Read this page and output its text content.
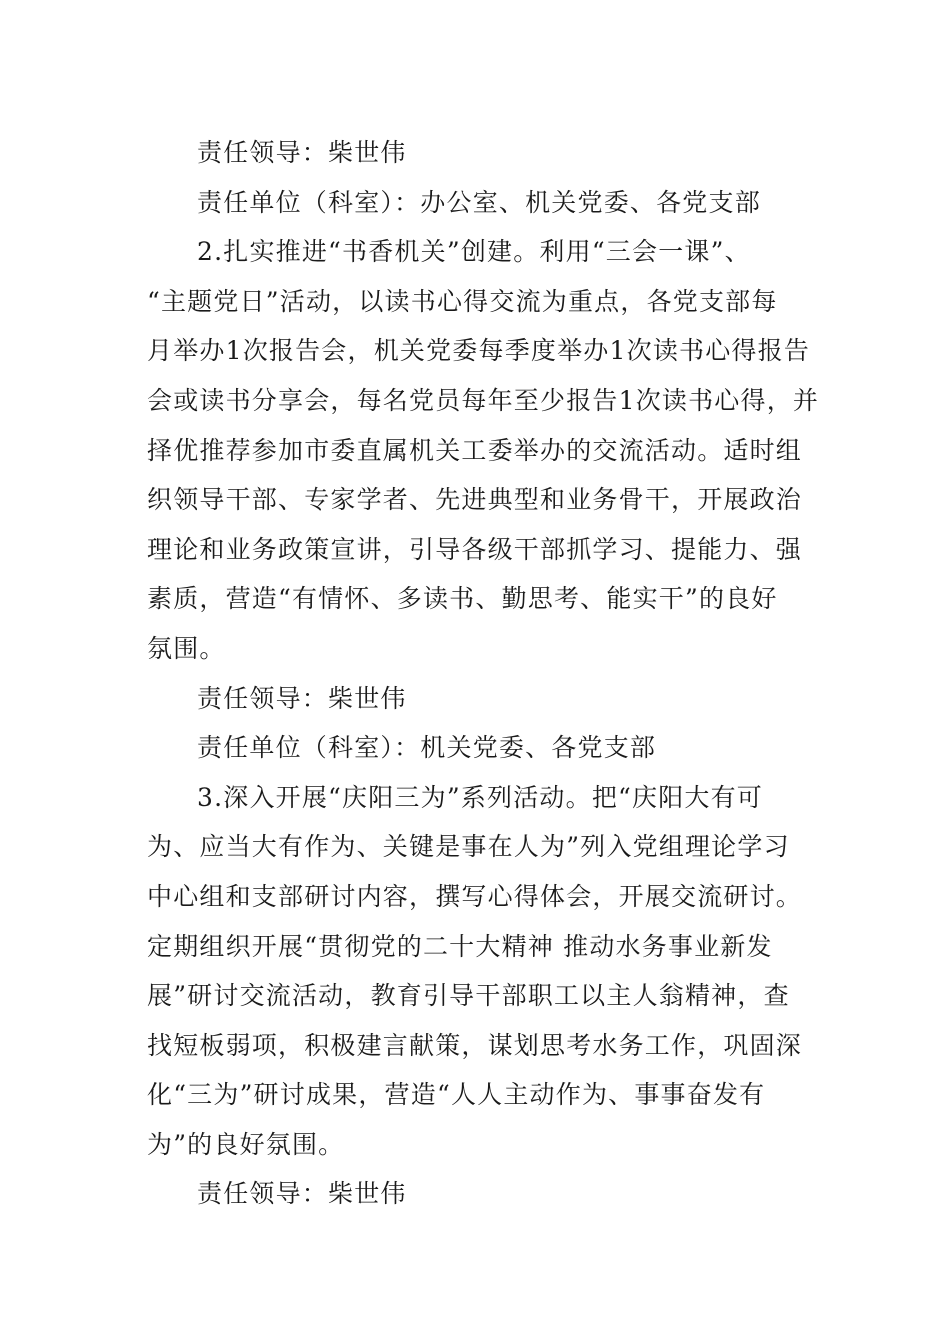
责任领导：柴世伟

责任单位（科室）：办公室、机关党委、各党支部

2.扎实推进“书香机关”创建。利用“三会一课”、

“主题党日”活动，以读书心得交流为重点，各党支部每

月举办1次报告会，机关党委每季度举办1次读书心得报告

会或读书分享会，每名党员每年至少报告1次读书心得，并

择优推荐参加市委直属机关工委举办的交流活动。适时组

织领导干部、专家学者、先进典型和业务骨干，开展政治

理论和业务政策宣讲，引导各级干部抓学习、提能力、强

素质，营造“有情怀、多读书、勤思考、能实干”的良好

氛围。

责任领导：柴世伟

责任单位（科室）：机关党委、各党支部

3.深入开展“庆阳三为”系列活动。把“庆阳大有可

为、应当大有作为、关键是事在人为”列入党组理论学习

中心组和支部研讨内容，撰写心得体会，开展交流研讨。

定期组织开展“贯彻党的二十大精神 推动水务事业新发

展”研讨交流活动，教育引导干部职工以主人翁精神，查

找短板弱项，积极建言献策，谋划思考水务工作，巩固深

化“三为”研讨成果，营造“人人主动作为、事事奋发有

为”的良好氛围。

责任领导：柴世伟
